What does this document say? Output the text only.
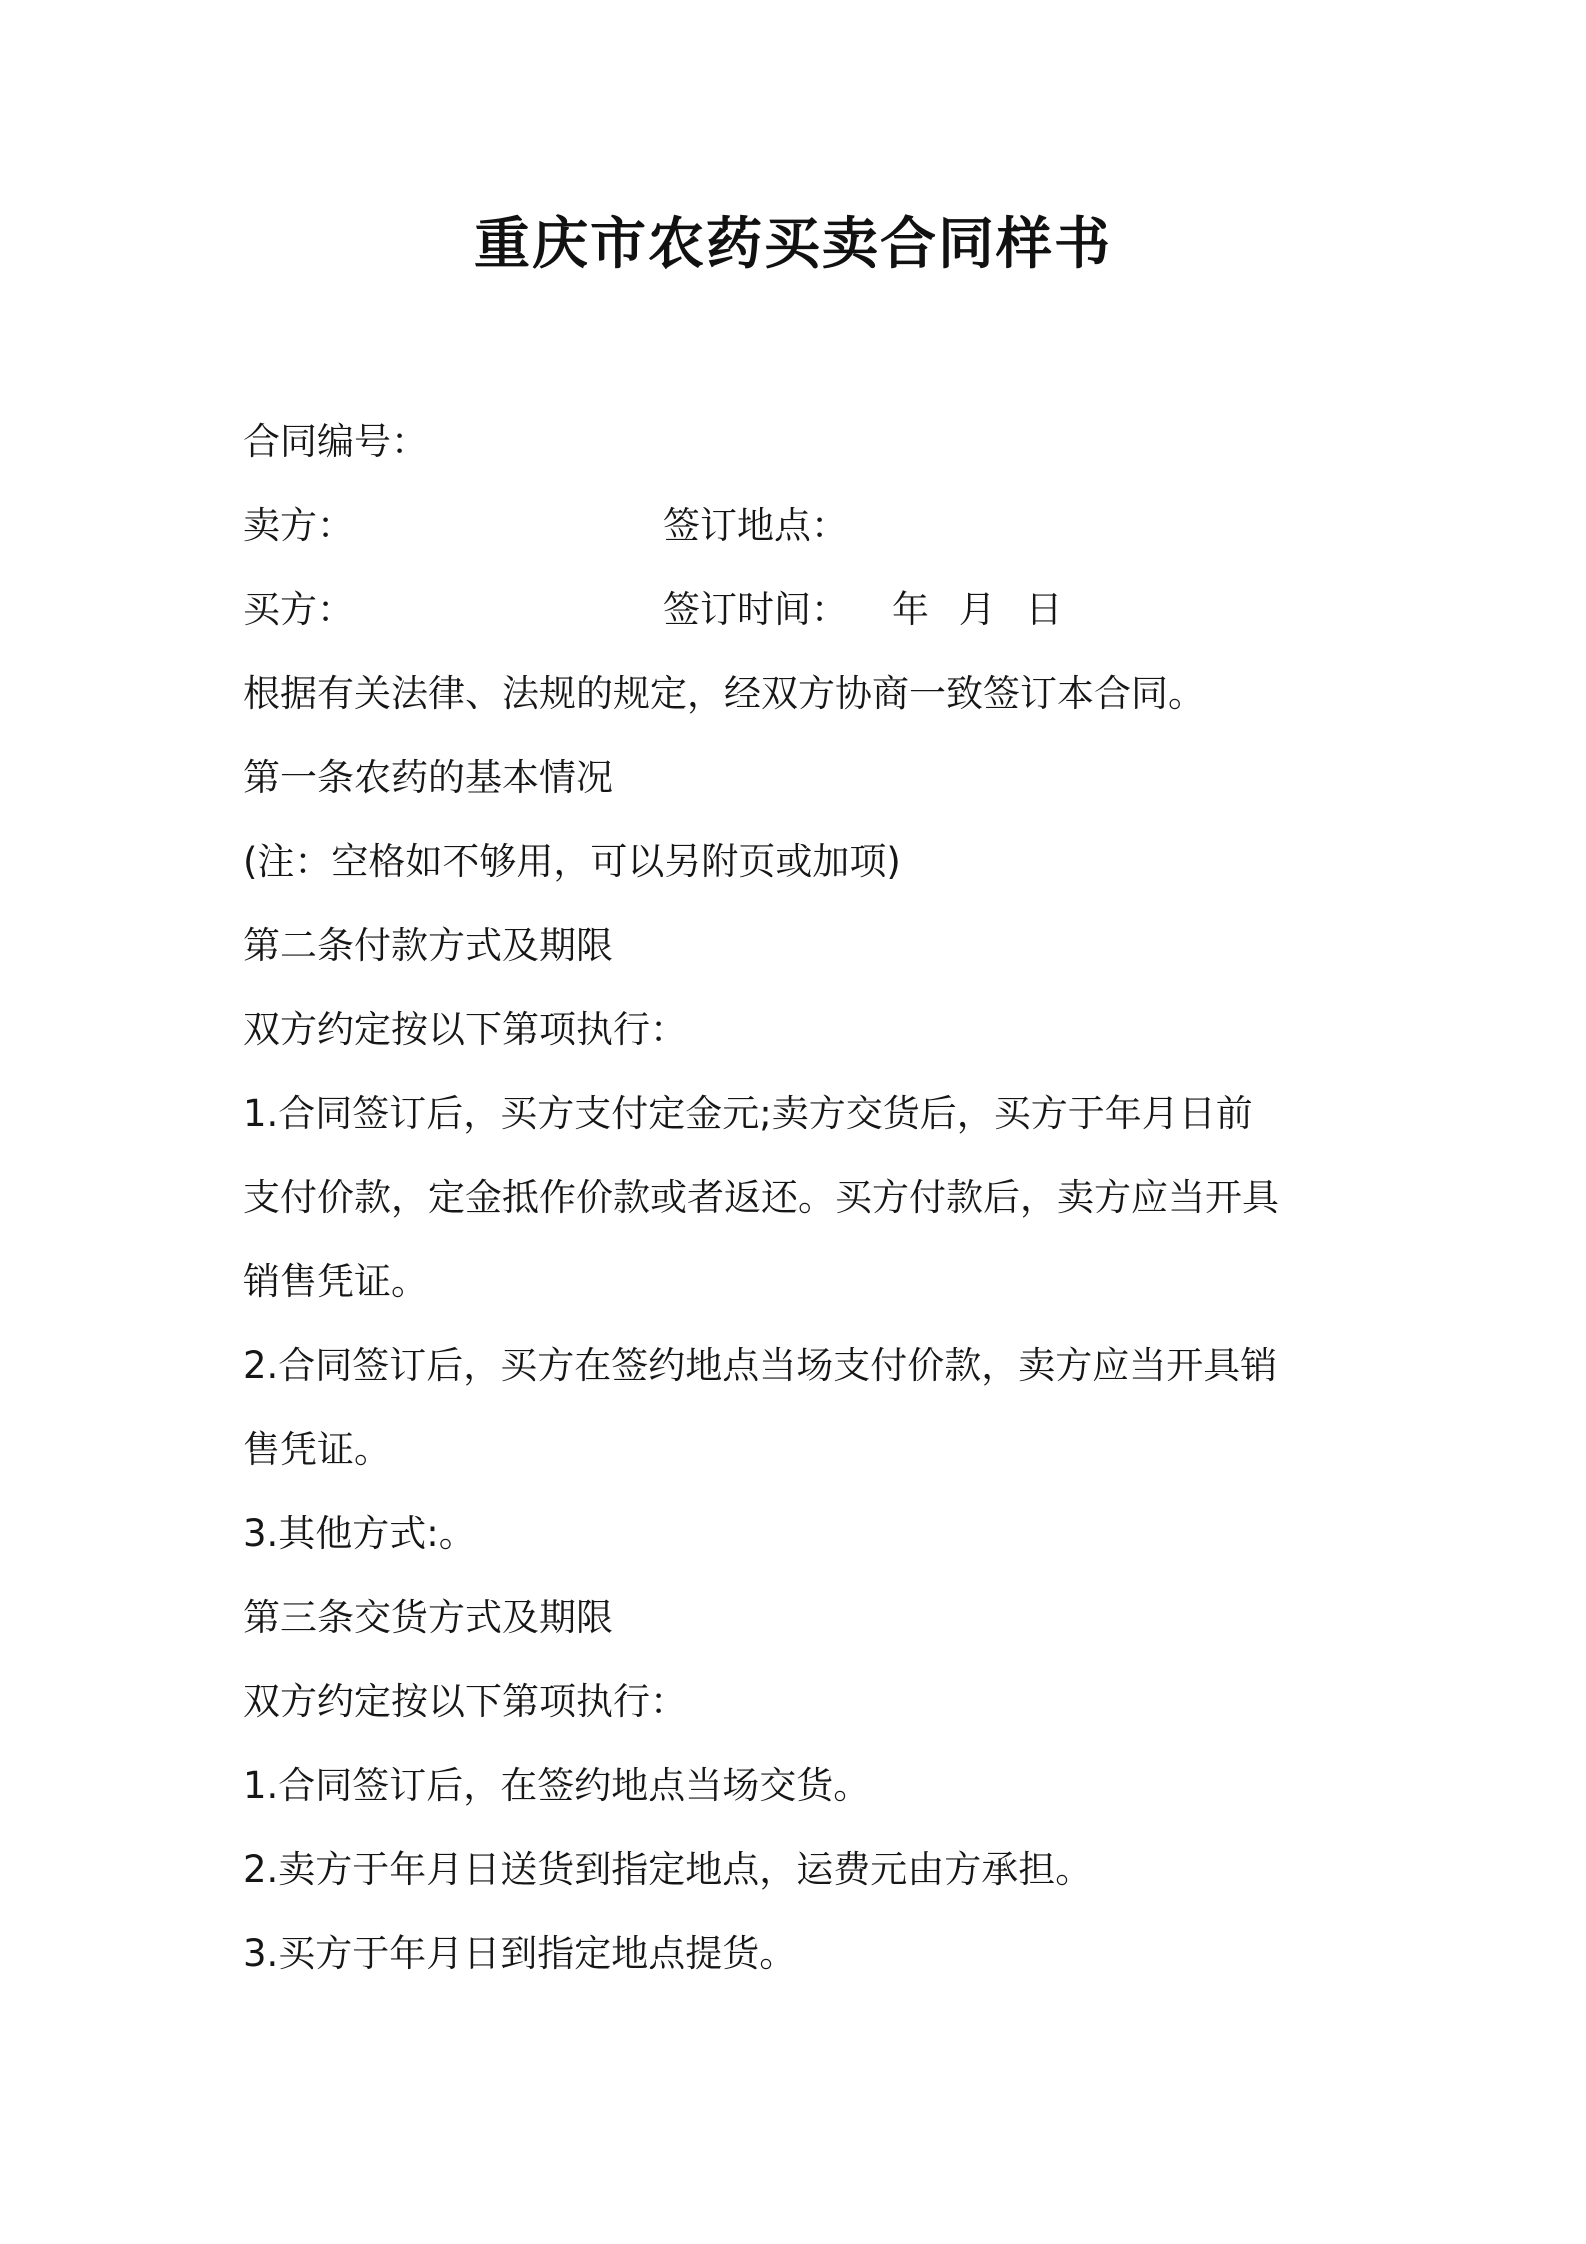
重庆市农药买卖合同样书
合同编号：
卖方：	签订地点：
买方：	签订时间： 年 月 日
根据有关法律、法规的规定，经双方协商一致签订本合同。
第一条农药的基本情况
(注：空格如不够用，可以另附页或加项)
第二条付款方式及期限
双方约定按以下第项执行：
1.合同签订后，买方支付定金元;卖方交货后，买方于年月日前
支付价款，定金抵作价款或者返还。买方付款后，卖方应当开具
销售凭证。
2.合同签订后，买方在签约地点当场支付价款，卖方应当开具销
售凭证。
3.其他方式:。
第三条交货方式及期限
双方约定按以下第项执行：
1.合同签订后，在签约地点当场交货。
2.卖方于年月日送货到指定地点，运费元由方承担。
3.买方于年月日到指定地点提货。
